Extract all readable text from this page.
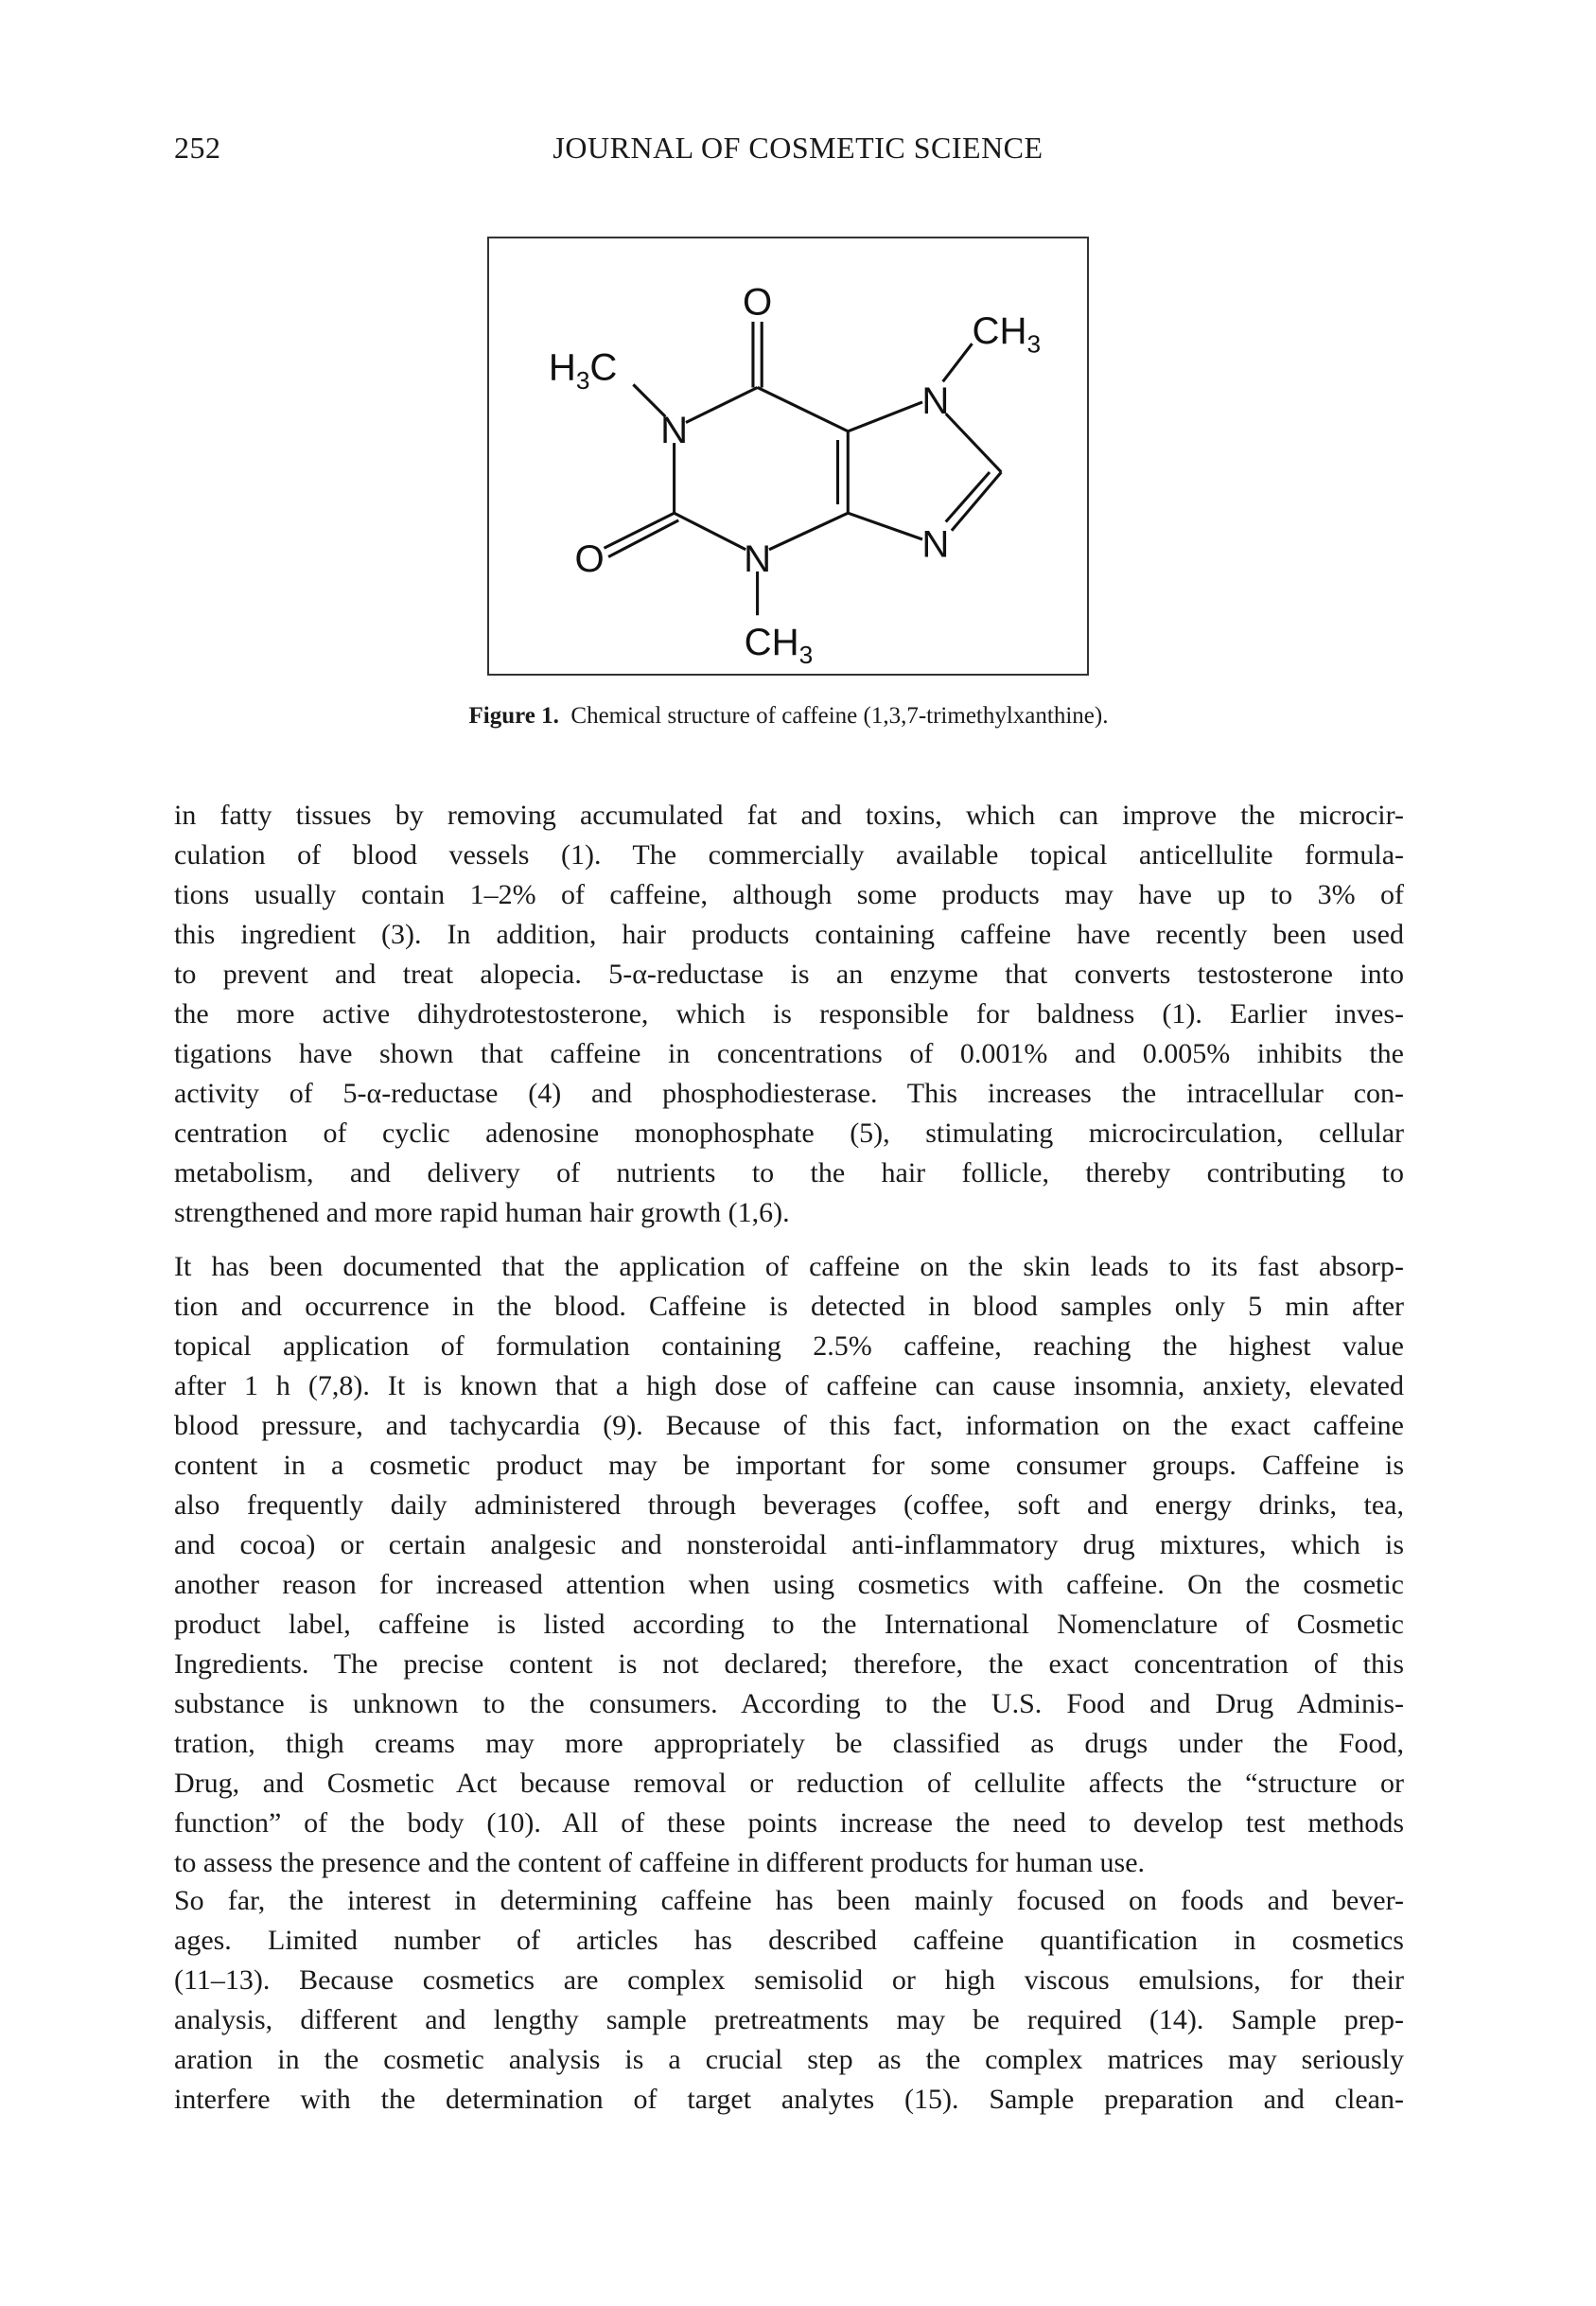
252	JOURNAL OF COSMETIC SCIENCE
O
N
O	N
N
N
$H_3C$
$CH_3$
$CH_3$
Figure 1. Chemical structure of caffeine (1,3,7-trimethylxanthine).
in fatty tissues by removing accumulated fat and toxins, which can improve the microcir-
culation of blood vessels (1). The commercially available topical anticellulite formula-
tions usually contain 1–2% of caffeine, although some products may have up to 3% of
this ingredient (3). In addition, hair products containing caffeine have recently been used
to prevent and treat alopecia. 5-α-reductase is an enzyme that converts testosterone into
the more active dihydrotestosterone, which is responsible for baldness (1). Earlier inves-
tigations have shown that caffeine in concentrations of 0.001% and 0.005% inhibits the
activity of 5-α-reductase (4) and phosphodiesterase. This increases the intracellular con-
centration of cyclic adenosine monophosphate (5), stimulating microcirculation, cellular
metabolism, and delivery of nutrients to the hair follicle, thereby contributing to
strengthened and more rapid human hair growth (1,6).
It has been documented that the application of caffeine on the skin leads to its fast absorp-
tion and occurrence in the blood. Caffeine is detected in blood samples only 5 min after
topical application of formulation containing 2.5% caffeine, reaching the highest value
after 1 h (7,8). It is known that a high dose of caffeine can cause insomnia, anxiety, elevated
blood pressure, and tachycardia (9). Because of this fact, information on the exact caffeine
content in a cosmetic product may be important for some consumer groups. Caffeine is
also frequently daily administered through beverages (coffee, soft and energy drinks, tea,
and cocoa) or certain analgesic and nonsteroidal anti-inflammatory drug mixtures, which is
another reason for increased attention when using cosmetics with caffeine. On the cosmetic
product label, caffeine is listed according to the International Nomenclature of Cosmetic
Ingredients. The precise content is not declared; therefore, the exact concentration of this
substance is unknown to the consumers. According to the U.S. Food and Drug Adminis-
tration, thigh creams may more appropriately be classified as drugs under the Food,
Drug, and Cosmetic Act because removal or reduction of cellulite affects the “structure or
function” of the body (10). All of these points increase the need to develop test methods
to assess the presence and the content of caffeine in different products for human use.
So far, the interest in determining caffeine has been mainly focused on foods and bever-
ages. Limited number of articles has described caffeine quantification in cosmetics
(11–13). Because cosmetics are complex semisolid or high viscous emulsions, for their
analysis, different and lengthy sample pretreatments may be required (14). Sample prep-
aration in the cosmetic analysis is a crucial step as the complex matrices may seriously
interfere with the determination of target analytes (15). Sample preparation and clean-
